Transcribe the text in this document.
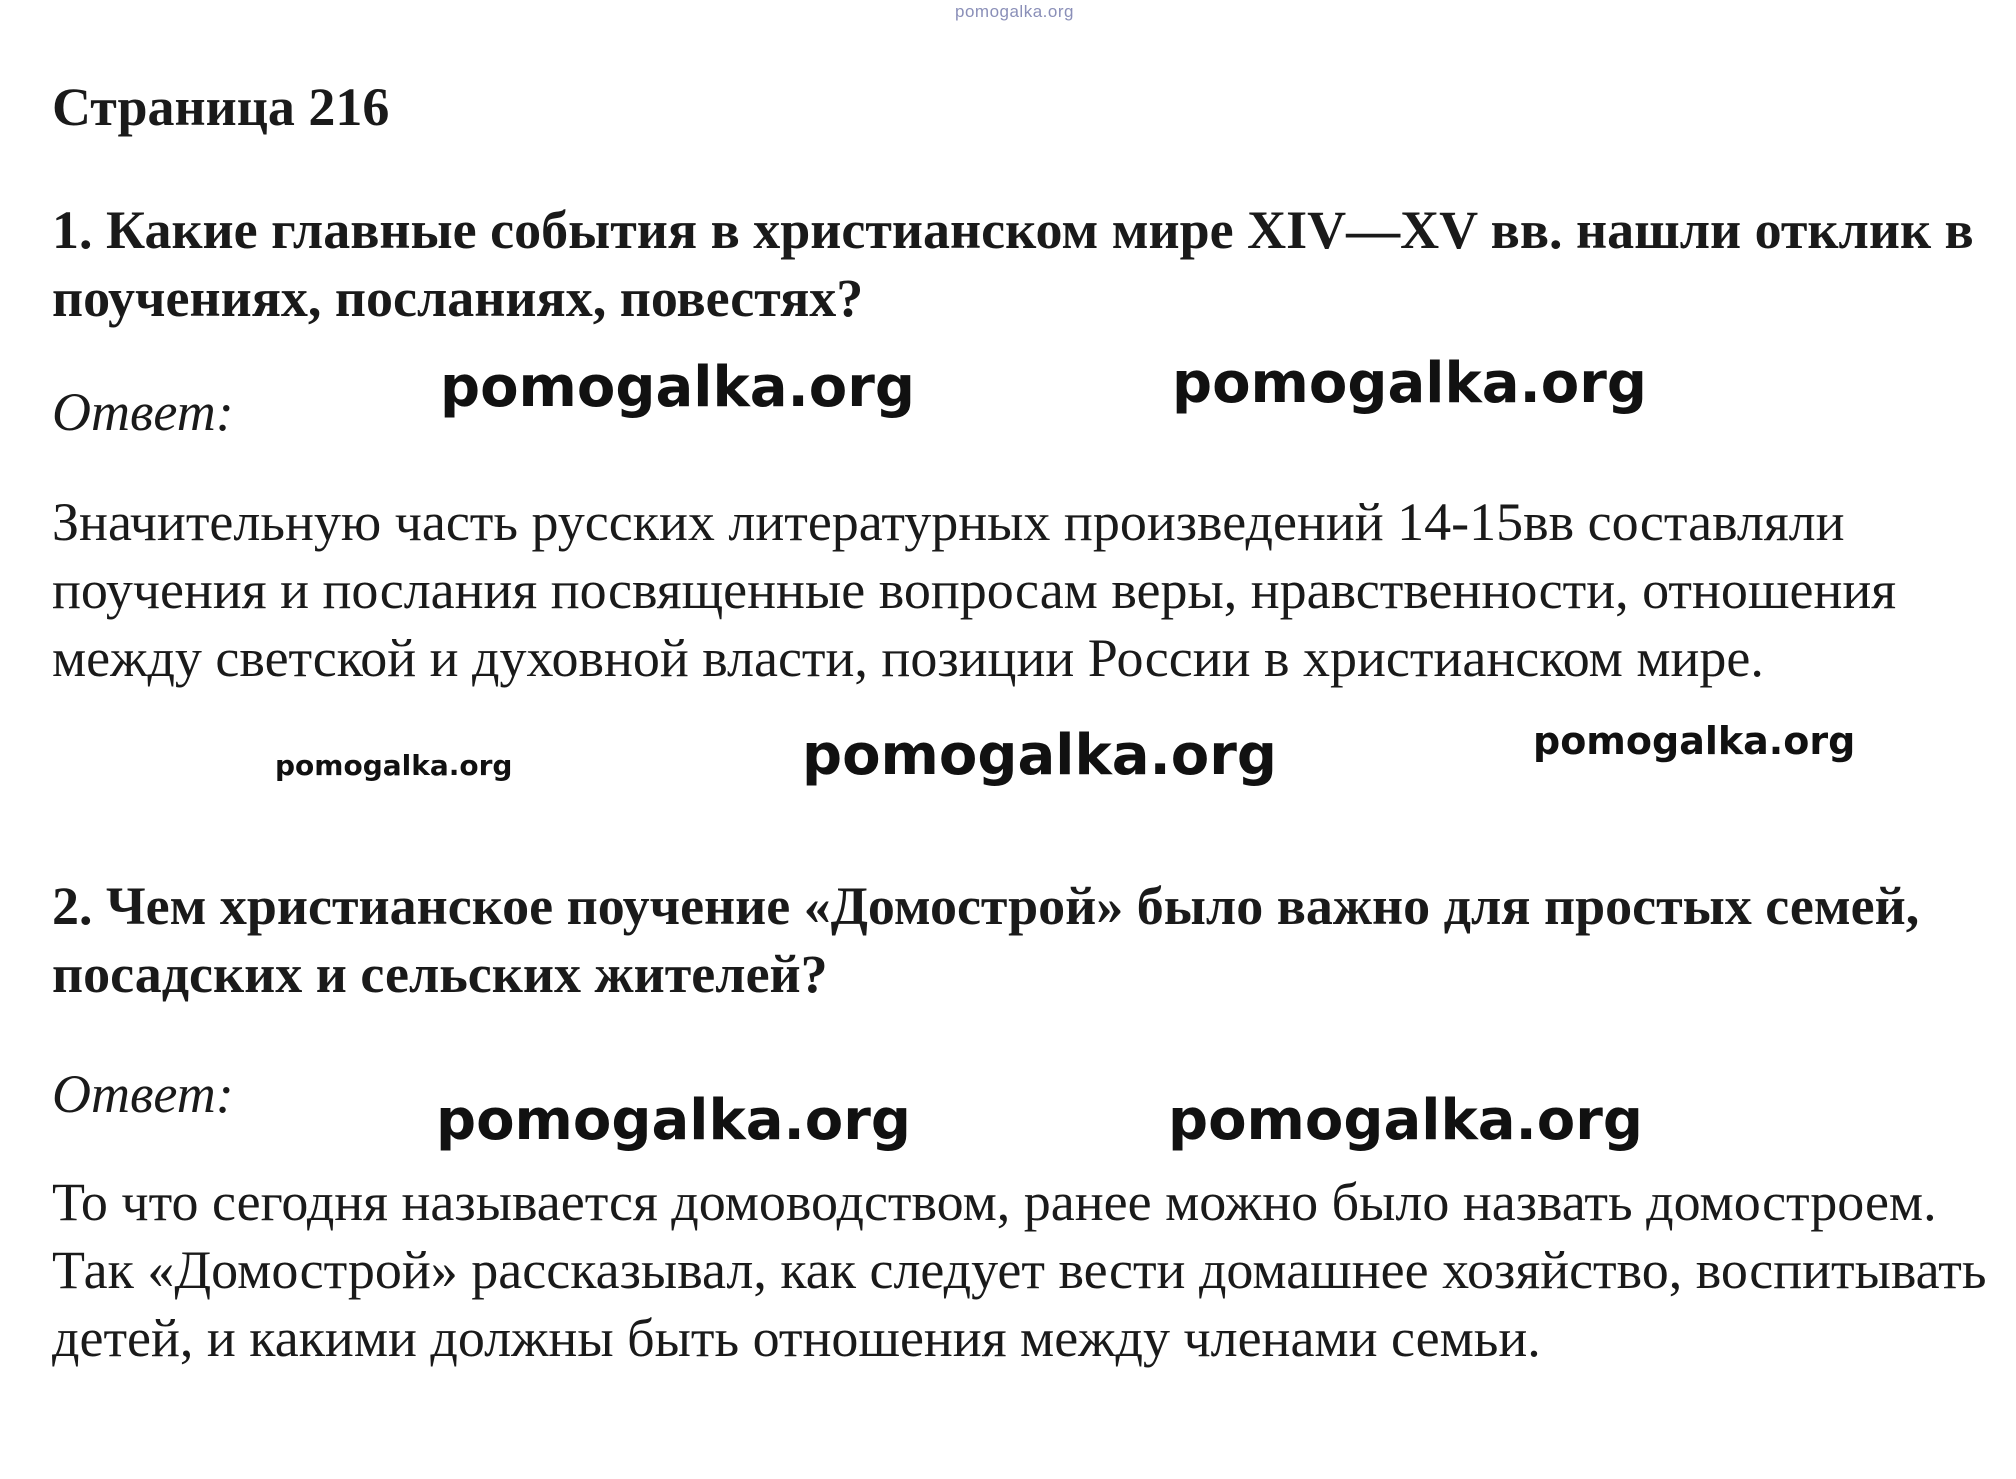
pomogalka.org
Страница 216

1. Какие главные события в христианском мире XIV—XV вв. нашли отклик в поучениях, посланиях, повестях?

Ответ:

Значительную часть русских литературных произведений 14-15вв составляли поучения и послания посвященные вопросам веры, нравственности, отношения между светской и духовной власти, позиции России в христианском мире.

2. Чем христианское поучение «Домострой» было важно для простых семей, посадских и сельских жителей?

Ответ:

То что сегодня называется домоводством, ранее можно было назвать домостроем. Так «Домострой» рассказывал, как следует вести домашнее хозяйство, воспитывать детей, и какими должны быть отношения между членами семьи.

pomogalka.org	pomogalka.org
pomogalka.org	pomogalka.org	pomogalka.org
pomogalka.org	pomogalka.org
